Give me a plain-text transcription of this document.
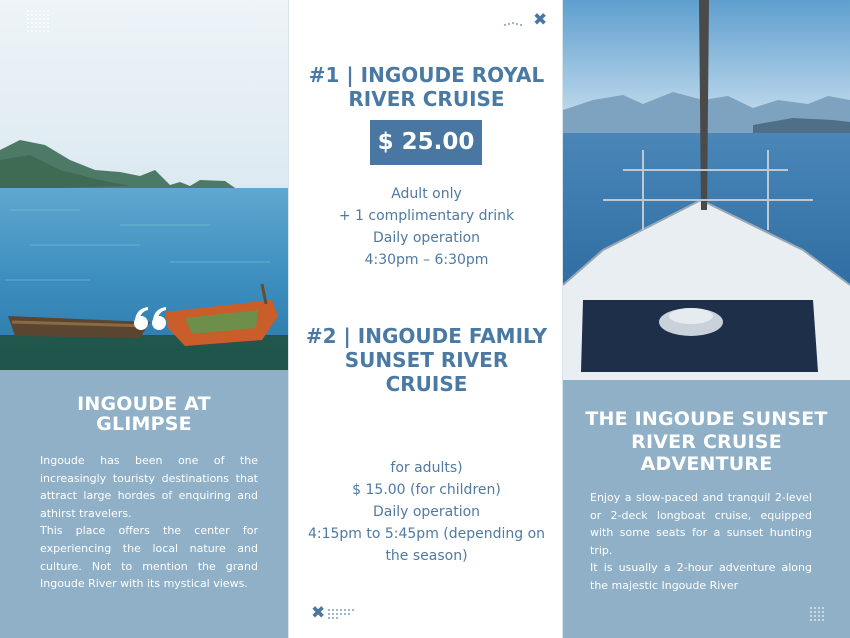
INGOUDE AT
GLIMPSE

Ingoude has been one of the increasingly touristy destinations that attract large hordes of enquiring and athirst travelers.

This place offers the center for experiencing the local nature and culture. Not to mention the grand Ingoude River with its mystical views.

✖
#1 | INGOUDE ROYAL
RIVER CRUISE
$ 25.00
Adult only
+ 1 complimentary drink
Daily operation
4:30pm – 6:30pm
#2 | INGOUDE FAMILY
SUNSET RIVER
CRUISE
for adults)
$ 15.00 (for children)
Daily operation
4:15pm to 5:45pm (depending on
the season)
✖
THE INGOUDE SUNSET
RIVER CRUISE
ADVENTURE

Enjoy a slow-paced and tranquil 2-level or 2-deck longboat cruise, equipped with some seats for a sunset hunting trip.

It is usually a 2-hour adventure along the majestic Ingoude River
